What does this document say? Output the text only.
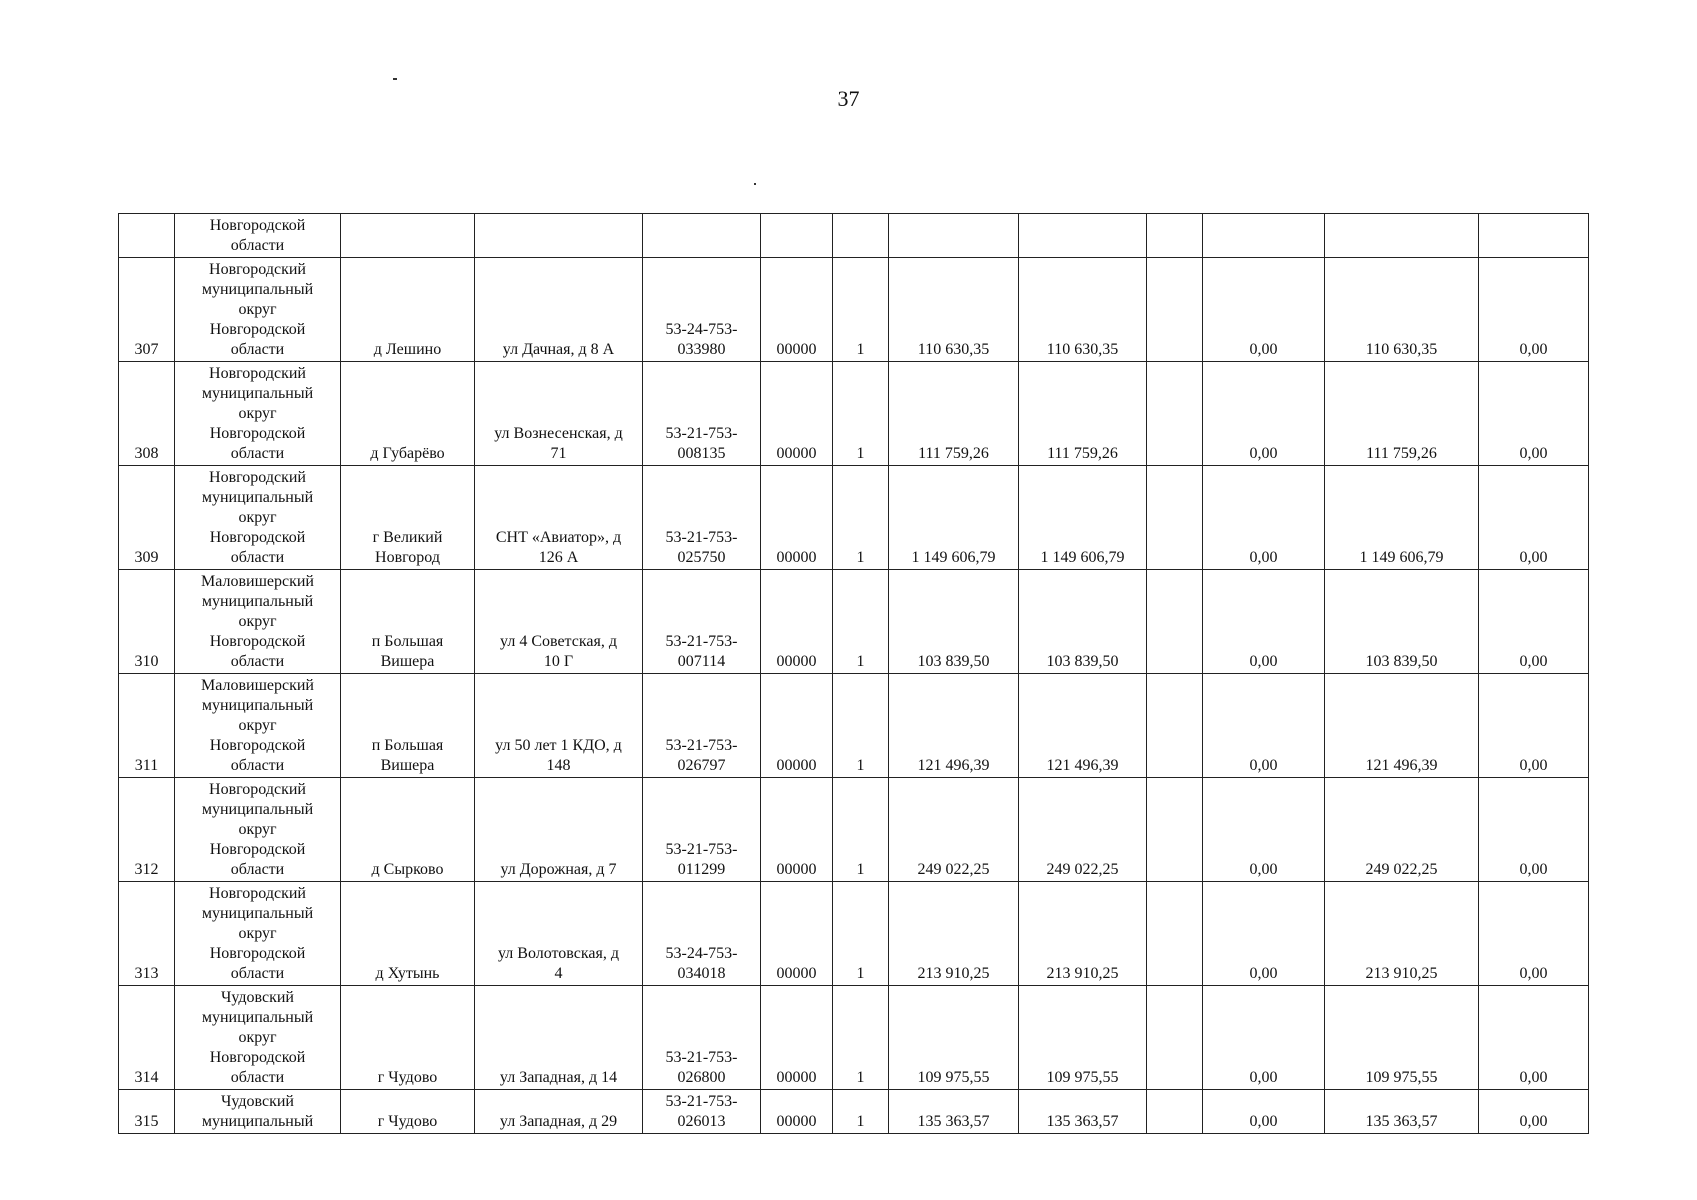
37

	Новгородской
области											

307	Новгородский
муниципальный
округ
Новгородской
области	д Лешино	ул Дачная, д 8 А	53-24-753-
033980	00000	1	110 630,35	110 630,35		0,00	110 630,35	0,00
308	Новгородский
муниципальный
округ
Новгородской
области	д Губарёво	ул Вознесенская, д
71	53-21-753-
008135	00000	1	111 759,26	111 759,26		0,00	111 759,26	0,00
309	Новгородский
муниципальный
округ
Новгородской
области	г Великий
Новгород	СНТ «Авиатор», д
126 А	53-21-753-
025750	00000	1	1 149 606,79	1 149 606,79		0,00	1 149 606,79	0,00
310	Маловишерский
муниципальный
округ
Новгородской
области	п Большая
Вишера	ул 4 Советская, д
10 Г	53-21-753-
007114	00000	1	103 839,50	103 839,50		0,00	103 839,50	0,00
311	Маловишерский
муниципальный
округ
Новгородской
области	п Большая
Вишера	ул 50 лет 1 КДО, д
148	53-21-753-
026797	00000	1	121 496,39	121 496,39		0,00	121 496,39	0,00
312	Новгородский
муниципальный
округ
Новгородской
области	д Сырково	ул Дорожная, д 7	53-21-753-
011299	00000	1	249 022,25	249 022,25		0,00	249 022,25	0,00
313	Новгородский
муниципальный
округ
Новгородской
области	д Хутынь	ул Волотовская, д
4	53-24-753-
034018	00000	1	213 910,25	213 910,25		0,00	213 910,25	0,00
314	Чудовский
муниципальный
округ
Новгородской
области	г Чудово	ул Западная, д 14	53-21-753-
026800	00000	1	109 975,55	109 975,55		0,00	109 975,55	0,00
315	Чудовский
муниципальный	г Чудово	ул Западная, д 29	53-21-753-
026013	00000	1	135 363,57	135 363,57		0,00	135 363,57	0,00
